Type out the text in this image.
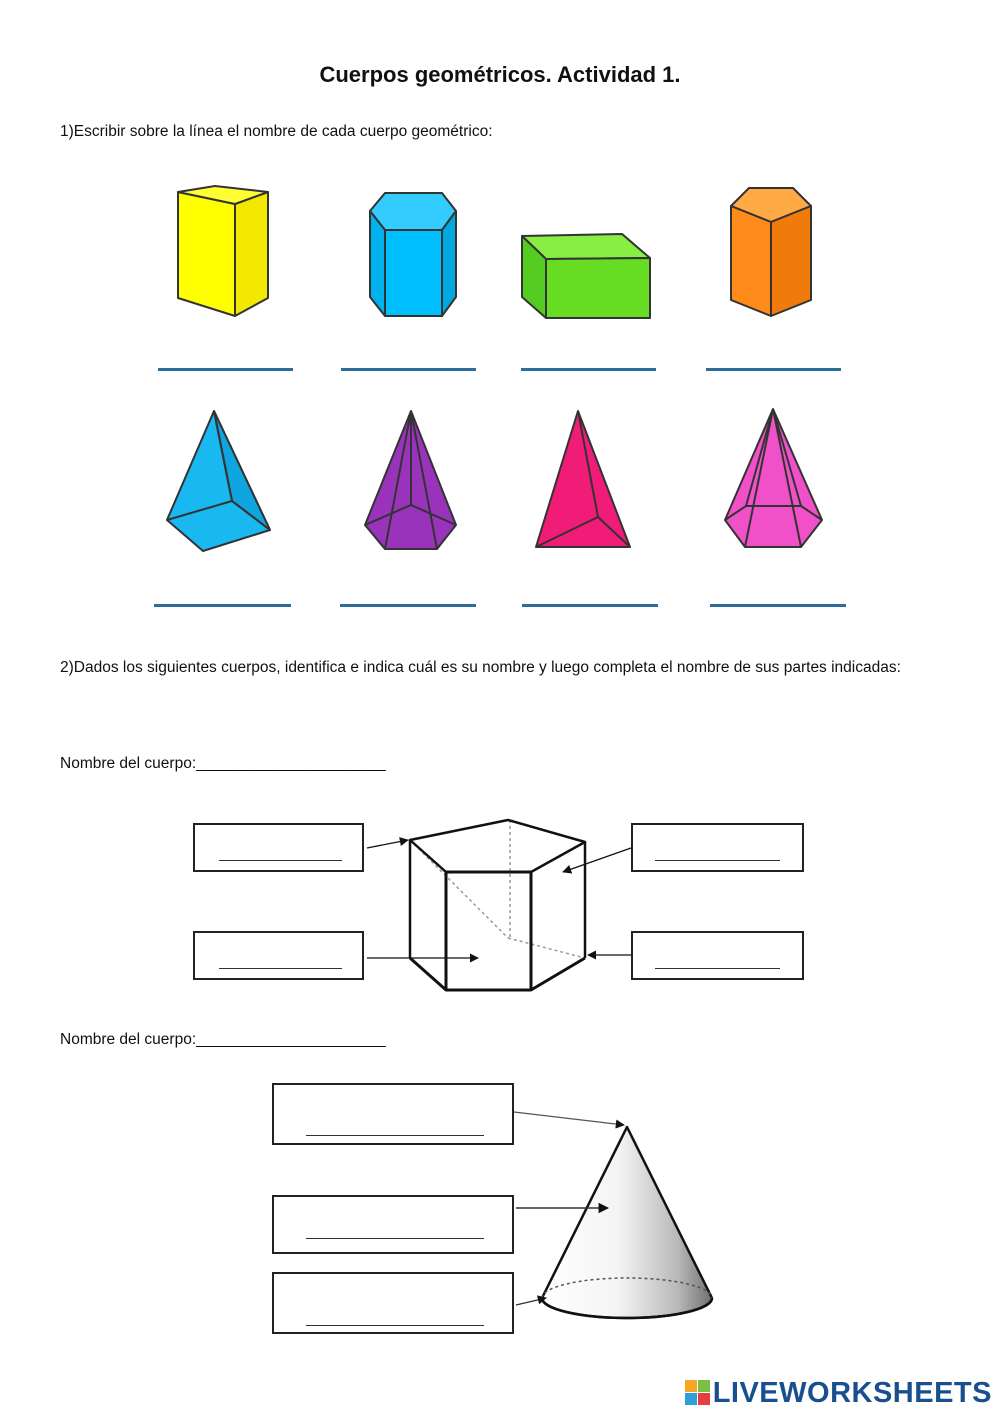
Cuerpos geométricos. Actividad 1.
1)Escribir sobre la línea el nombre de cada cuerpo geométrico:
2)Dados los siguientes cuerpos, identifica e indica cuál es su nombre y luego completa el nombre de sus partes indicadas:
Nombre del cuerpo:______________________
Nombre del cuerpo:______________________
LIVEWORKSHEETS
